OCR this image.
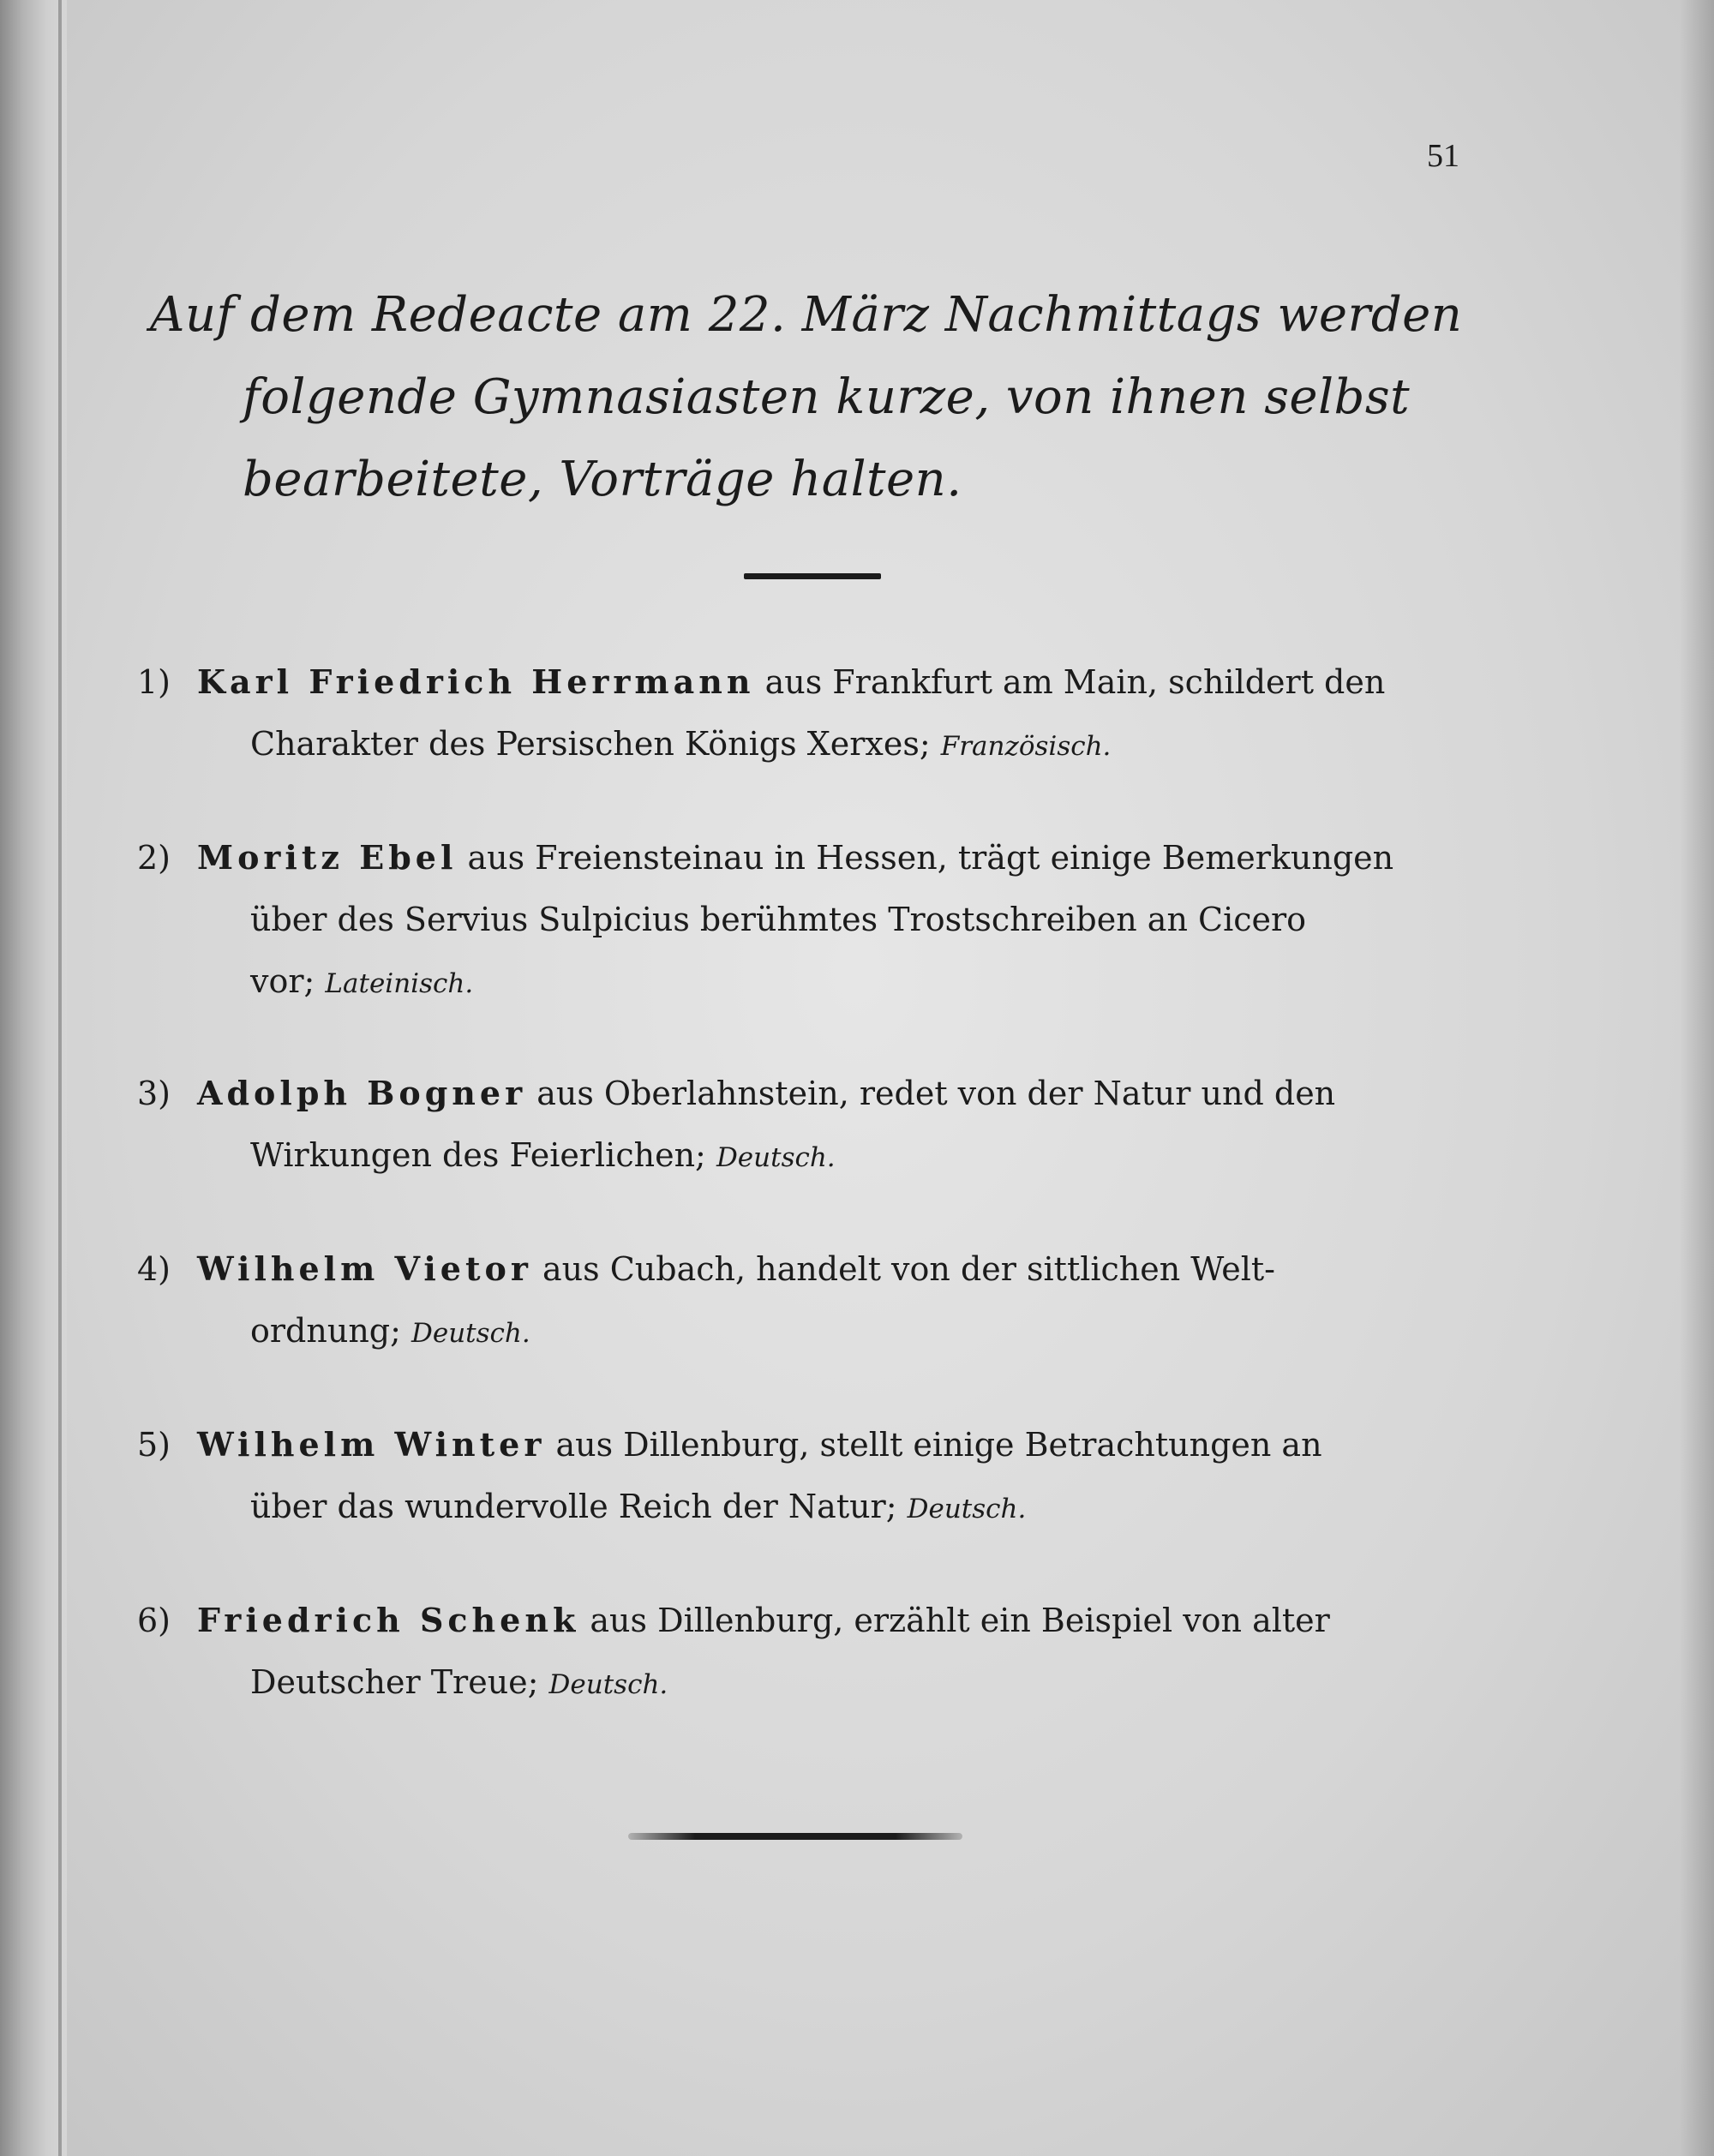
51
Auf dem Redeacte am 22. März Nachmittags werden
folgende Gymnasiasten kurze, von ihnen selbst
bearbeitete, Vorträge halten.
1) Karl Friedrich Herrmann aus Frankfurt am Main, schildert den
Charakter des Persischen Königs Xerxes; Französisch.
2) Moritz Ebel aus Freiensteinau in Hessen, trägt einige Bemerkungen
über des Servius Sulpicius berühmtes Trostschreiben an Cicero
vor; Lateinisch.
3) Adolph Bogner aus Oberlahnstein, redet von der Natur und den
Wirkungen des Feierlichen; Deutsch.
4) Wilhelm Vietor aus Cubach, handelt von der sittlichen Welt-
ordnung; Deutsch.
5) Wilhelm Winter aus Dillenburg, stellt einige Betrachtungen an
über das wundervolle Reich der Natur; Deutsch.
6) Friedrich Schenk aus Dillenburg, erzählt ein Beispiel von alter
Deutscher Treue; Deutsch.
